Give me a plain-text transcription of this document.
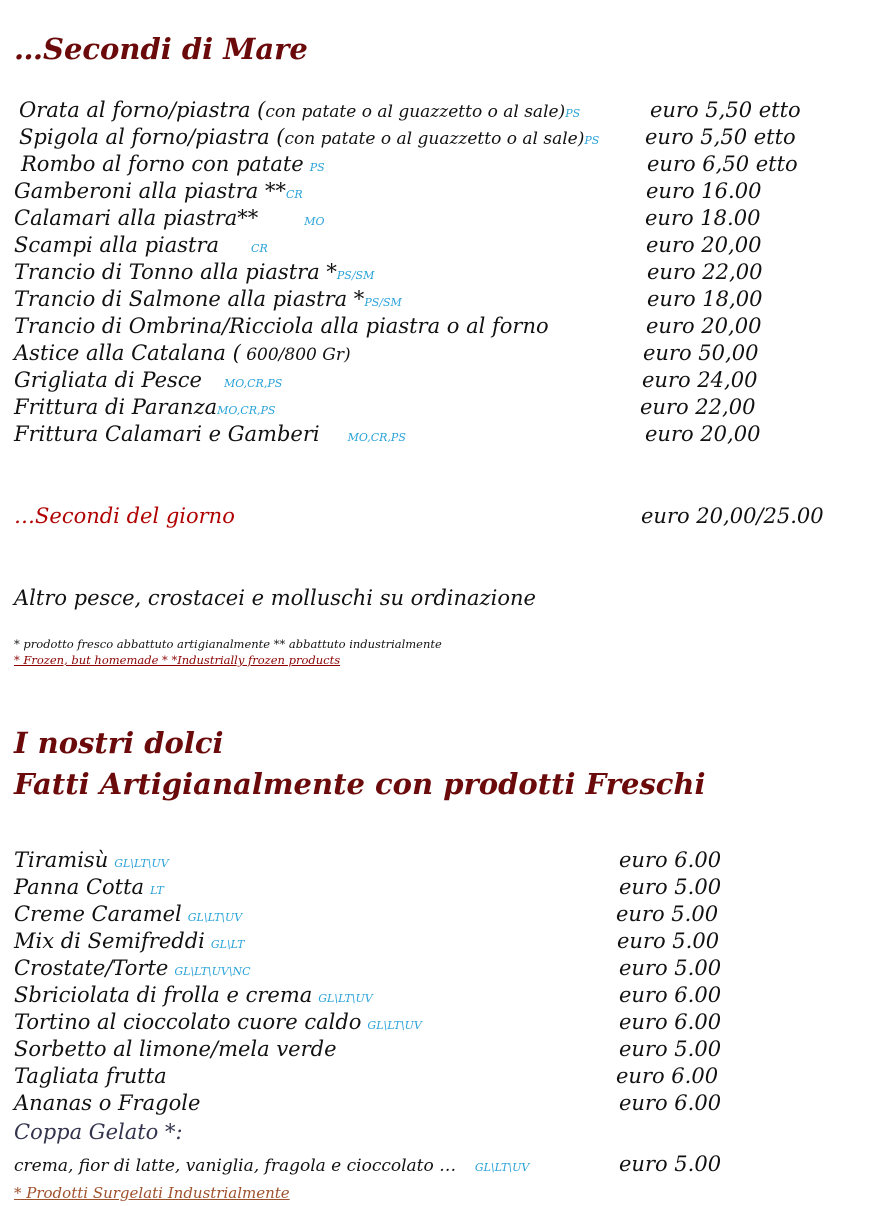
…Secondi di Mare
Orata al forno/piastra (con patate o al guazzetto o al sale)PS	euro 5,50 etto
Spigola al forno/piastra (con patate o al guazzetto o al sale)PS euro 5,50 etto
Rombo al forno con patate PS	euro 6,50 etto
Gamberoni alla piastra **CR	euro 16.00
Calamari alla piastra**	MO	euro 18.00
Scampi alla piastra	CR	euro 20,00
Trancio di Tonno alla piastra *PS/SM	euro 22,00
Trancio di Salmone alla piastra *PS/SM	euro 18,00
Trancio di Ombrina/Ricciola alla piastra o al forno	euro 20,00
Astice alla Catalana ( 600/800 Gr)	euro 50,00
Grigliata di Pesce MO,CR,PS	euro 24,00
Frittura di ParanzaMO,CR,PS	euro 22,00
Frittura Calamari e Gamberi	MO,CR,PS	euro 20,00
…Secondi del giorno	euro 20,00/25.00
Altro pesce, crostacei e molluschi su ordinazione
* prodotto fresco abbattuto artigianalmente ** abbattuto industrialmente
* Frozen, but homemade * *Industrially frozen products
I nostri dolci
Fatti Artigianalmente con prodotti Freschi
Tiramisù GL\LT\UV	euro 6.00
Panna Cotta LT	euro 5.00
Creme Caramel GL\LT\UV	euro 5.00
Mix di Semifreddi GL\LT	euro 5.00
Crostate/Torte GL\LT\UV\NC	euro 5.00
Sbriciolata di frolla e crema GL\LT\UV	euro 6.00
Tortino al cioccolato cuore caldo GL\LT\UV	euro 6.00
Sorbetto al limone/mela verde	euro 5.00
Tagliata frutta	euro 6.00
Ananas o Fragole	euro 6.00
Coppa Gelato *:
crema, fior di latte, vaniglia, fragola e cioccolato … GL\LT\UV	euro 5.00
* Prodotti Surgelati Industrialmente
